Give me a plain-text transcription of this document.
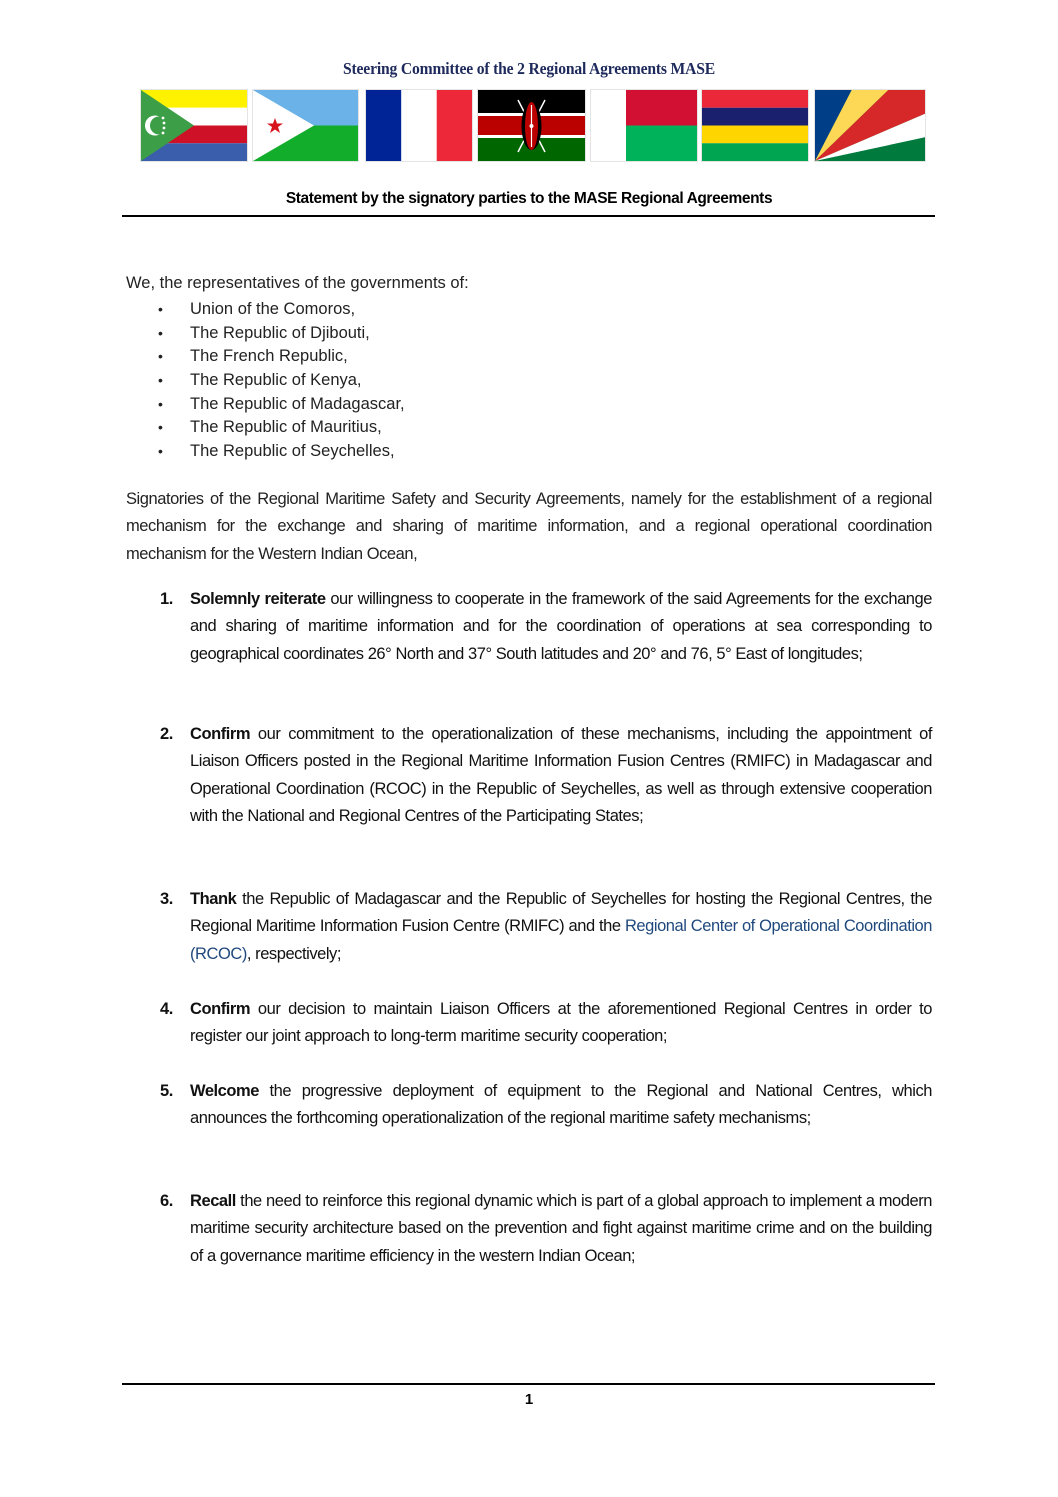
Steering Committee of the 2 Regional Agreements MASE
Statement by the signatory parties to the MASE Regional Agreements
We, the representatives of the governments of:
• Union of the Comoros,
• The Republic of Djibouti,
• The French Republic,
• The Republic of Kenya,
• The Republic of Madagascar,
• The Republic of Mauritius,
• The Republic of Seychelles,
Signatories of the Regional Maritime Safety and Security Agreements, namely for the establishment of a regional mechanism for the exchange and sharing of maritime information, and a regional operational coordination mechanism for the Western Indian Ocean,
1. Solemnly reiterate our willingness to cooperate in the framework of the said Agreements for the exchange and sharing of maritime information and for the coordination of operations at sea corresponding to geographical coordinates 26° North and 37° South latitudes and 20° and 76, 5° East of longitudes;
2. Confirm our commitment to the operationalization of these mechanisms, including the appointment of Liaison Officers posted in the Regional Maritime Information Fusion Centres (RMIFC) in Madagascar and Operational Coordination (RCOC) in the Republic of Seychelles, as well as through extensive cooperation with the National and Regional Centres of the Participating States;
3. Thank the Republic of Madagascar and the Republic of Seychelles for hosting the Regional Centres, the Regional Maritime Information Fusion Centre (RMIFC) and the Regional Center of Operational Coordination (RCOC), respectively;
4. Confirm our decision to maintain Liaison Officers at the aforementioned Regional Centres in order to register our joint approach to long-term maritime security cooperation;
5. Welcome the progressive deployment of equipment to the Regional and National Centres, which announces the forthcoming operationalization of the regional maritime safety mechanisms;
6. Recall the need to reinforce this regional dynamic which is part of a global approach to implement a modern maritime security architecture based on the prevention and fight against maritime crime and on the building of a governance maritime efficiency in the western Indian Ocean;
1
